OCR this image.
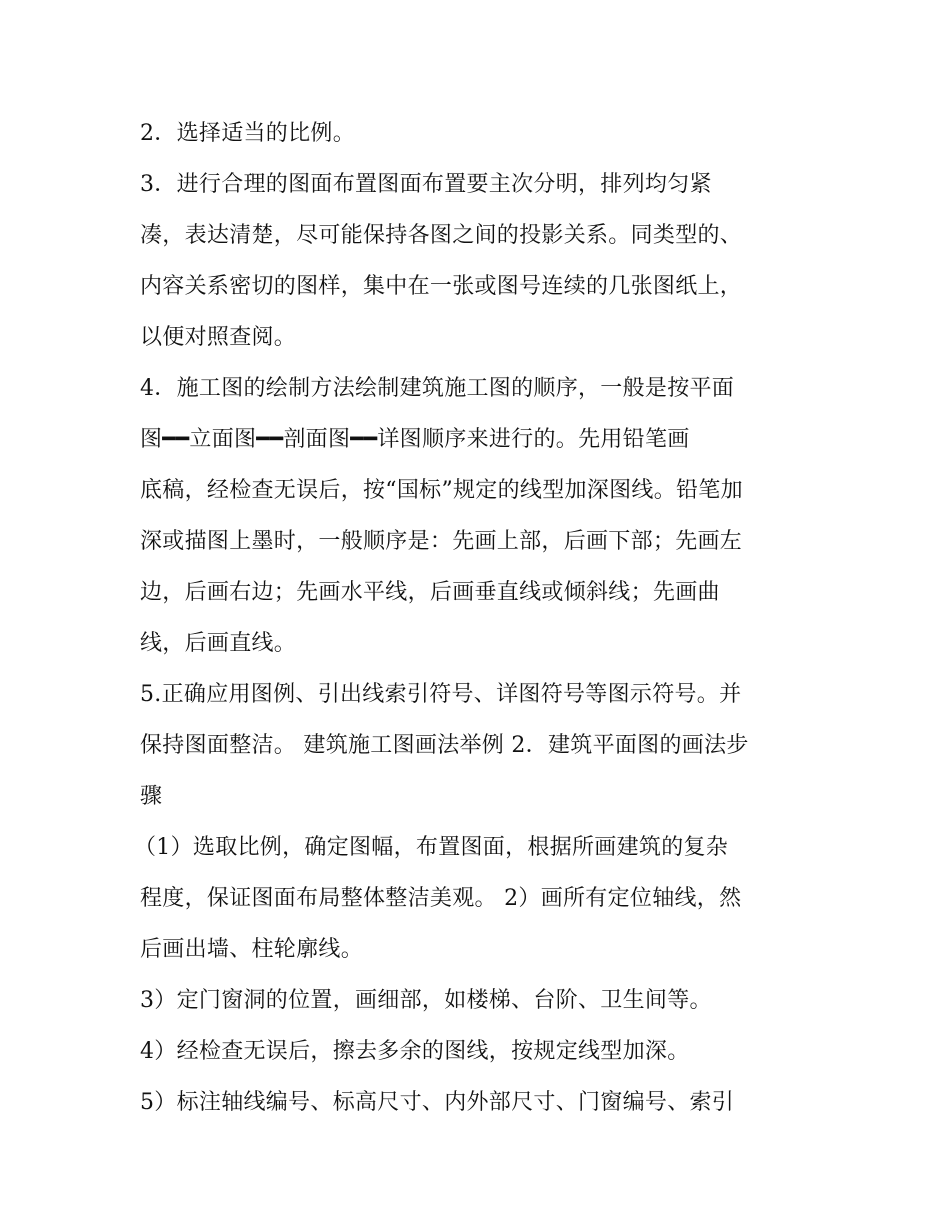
2．选择适当的比例。
3．进行合理的图面布置图面布置要主次分明，排列均匀紧
凑，表达清楚，尽可能保持各图之间的投影关系。同类型的、
内容关系密切的图样，集中在一张或图号连续的几张图纸上，
以便对照查阅。
4．施工图的绘制方法绘制建筑施工图的顺序，一般是按平面
图━━立面图━━剖面图━━详图顺序来进行的。先用铅笔画
底稿，经检查无误后，按“国标”规定的线型加深图线。铅笔加
深或描图上墨时，一般顺序是：先画上部，后画下部；先画左
边，后画右边；先画水平线，后画垂直线或倾斜线；先画曲
线，后画直线。
5.正确应用图例、引出线索引符号、详图符号等图示符号。并
保持图面整洁。 建筑施工图画法举例 2．建筑平面图的画法步
骤
（1）选取比例，确定图幅，布置图面，根据所画建筑的复杂
程度，保证图面布局整体整洁美观。 2）画所有定位轴线，然
后画出墙、柱轮廓线。
3）定门窗洞的位置，画细部，如楼梯、台阶、卫生间等。
4）经检查无误后，擦去多余的图线，按规定线型加深。
5）标注轴线编号、标高尺寸、内外部尺寸、门窗编号、索引
